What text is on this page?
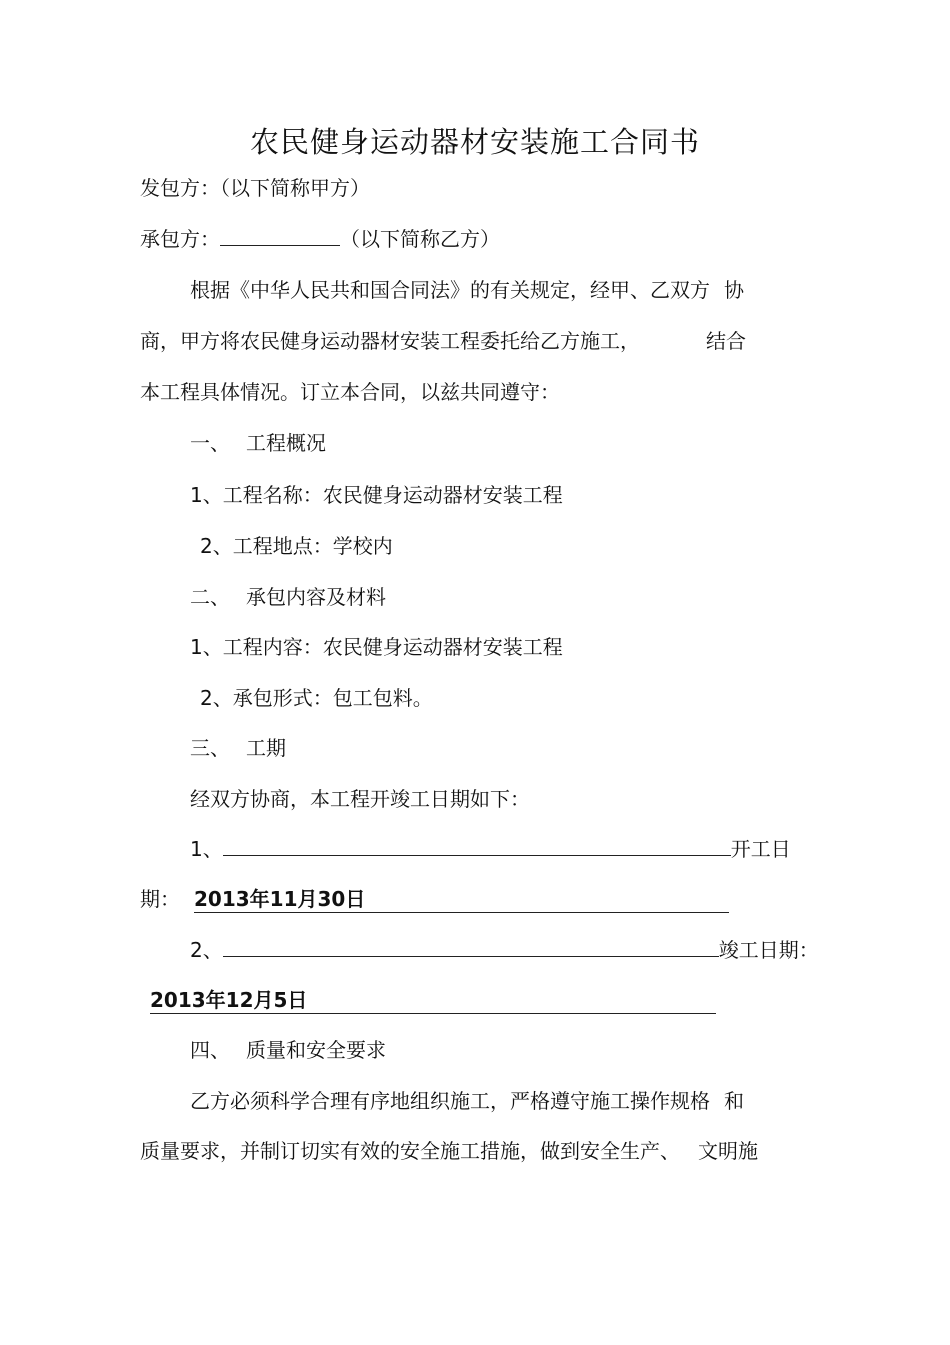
农民健身运动器材安装施工合同书
发包方：（以下简称甲方）
承包方：	（以下简称乙方）
根据《中华人民共和国合同法》的有关规定，经甲、乙双方 协
商，甲方将农民健身运动器材安装工程委托给乙方施工，	结合
本工程具体情况。订立本合同，以兹共同遵守：
一、 工程概况
1、工程名称：农民健身运动器材安装工程
2、工程地点：学校内
二、 承包内容及材料
1、工程内容：农民健身运动器材安装工程
2、承包形式：包工包料。
三、 工期
经双方协商，本工程开竣工日期如下：
1、	开工日
期： 2013年11月30日
2、	竣工日期：
2013年12月5日
四、 质量和安全要求
乙方必须科学合理有序地组织施工，严格遵守施工操作规格 和
质量要求，并制订切实有效的安全施工措施，做到安全生产、 文明施
